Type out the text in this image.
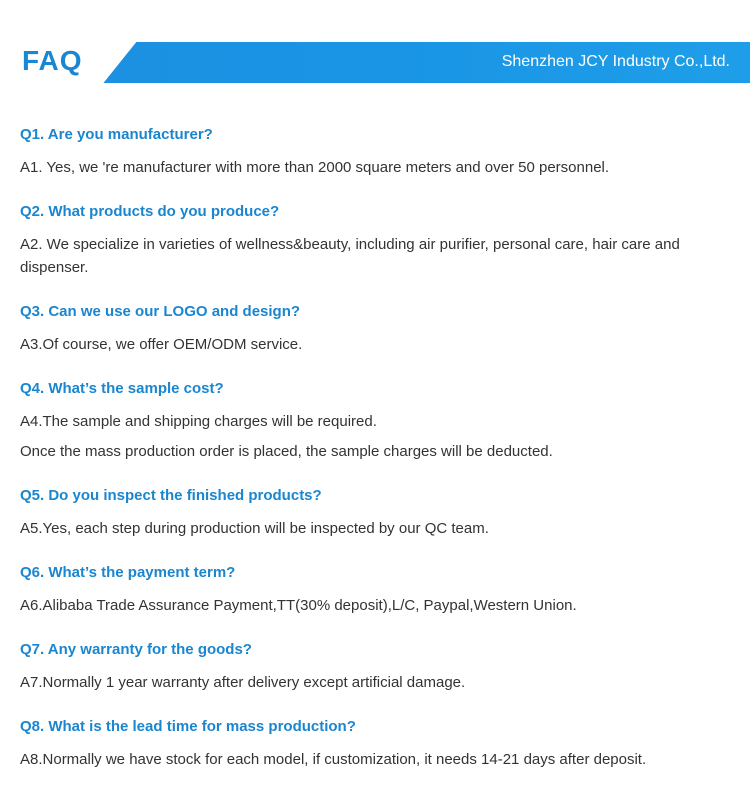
FAQ	Shenzhen JCY Industry Co.,Ltd.

Q1. Are you manufacturer?

A1. Yes, we 're manufacturer with more than 2000 square meters and over 50 personnel.

Q2. What products do you produce?

A2. We specialize in varieties of wellness&beauty, including air purifier, personal care, hair care and dispenser.

Q3. Can we use our LOGO and design?

A3.Of course, we offer OEM/ODM service.

Q4. What’s the sample cost?

A4.The sample and shipping charges will be required.

Once the mass production order is placed, the sample charges will be deducted.

Q5. Do you inspect the finished products?

A5.Yes, each step during production will be inspected by our QC team.

Q6. What’s the payment term?

A6.Alibaba Trade Assurance Payment,TT(30% deposit),L/C, Paypal,Western Union.

Q7. Any warranty for the goods?

A7.Normally 1 year warranty after delivery except artificial damage.

Q8. What is the lead time for mass production?

A8.Normally we have stock for each model, if customization, it needs 14-21 days after deposit.
